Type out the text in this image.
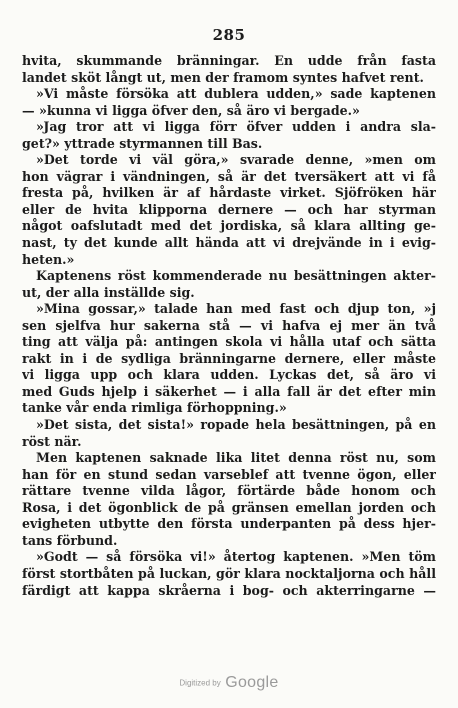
285
hvita, skummande bränningar. En udde från fasta
landet sköt långt ut, men der framom syntes hafvet rent.
»Vi måste försöka att dublera udden,» sade kaptenen
— »kunna vi ligga öfver den, så äro vi bergade.»
»Jag tror att vi ligga förr öfver udden i andra sla-
get?» yttrade styrmannen till Bas.
»Det torde vi väl göra,» svarade denne, »men om
hon vägrar i vändningen, så är det tversäkert att vi få
fresta på, hvilken är af hårdaste virket. Sjöfröken här
eller de hvita klipporna dernere — och har styrman
något oafslutadt med det jordiska, så klara allting ge-
nast, ty det kunde allt hända att vi drejvände in i evig-
heten.»
Kaptenens röst kommenderade nu besättningen akter-
ut, der alla inställde sig.
»Mina gossar,» talade han med fast och djup ton, »j
sen sjelfva hur sakerna stå — vi hafva ej mer än två
ting att välja på: antingen skola vi hålla utaf och sätta
rakt in i de sydliga bränningarne dernere, eller måste
vi ligga upp och klara udden. Lyckas det, så äro vi
med Guds hjelp i säkerhet — i alla fall är det efter min
tanke vår enda rimliga förhoppning.»
»Det sista, det sista!» ropade hela besättningen, på en
röst när.
Men kaptenen saknade lika litet denna röst nu, som
han för en stund sedan varseblef att tvenne ögon, eller
rättare tvenne vilda lågor, förtärde både honom och
Rosa, i det ögonblick de på gränsen emellan jorden och
evigheten utbytte den första underpanten på dess hjer-
tans förbund.
»Godt — så försöka vi!» återtog kaptenen. »Men töm
först stortbåten på luckan, gör klara nocktaljorna och håll
färdigt att kappa skråerna i bog- och akterringarne —
Digitized by Google
